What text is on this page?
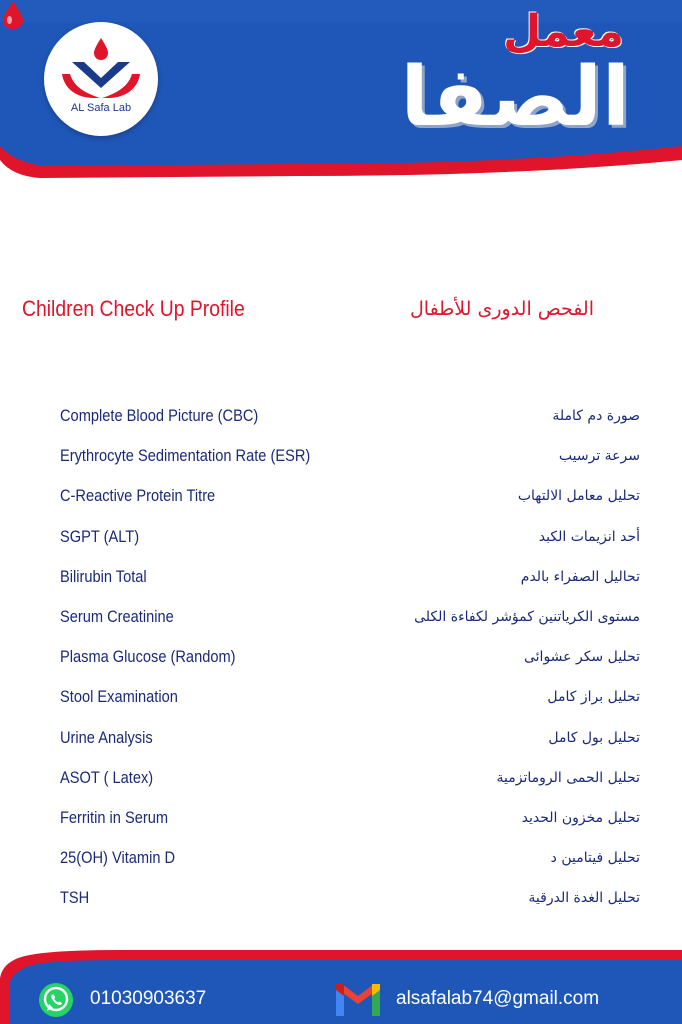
AL Safa Lab
معمل
الصفا
Children Check Up Profile	الفحص الدورى للأطفال
Complete Blood Picture (CBC)	صورة دم كاملة
Erythrocyte Sedimentation Rate (ESR)	سرعة ترسيب
C-Reactive Protein Titre	تحليل معامل الالتهاب
SGPT (ALT)	أحد انزيمات الكبد
Bilirubin Total	تحاليل الصفراء بالدم
Serum Creatinine	مستوى الكرياتنين كمؤشر لكفاءة الكلى
Plasma Glucose (Random)	تحليل سكر عشوائى
Stool Examination	تحليل براز كامل
Urine Analysis	تحليل بول كامل
ASOT ( Latex)	تحليل الحمى الروماتزمية
Ferritin in Serum	تحليل مخزون الحديد
25(OH) Vitamin D	تحليل فيتامين د
TSH	تحليل الغدة الدرقية
01030903637	alsafalab74@gmail.com
